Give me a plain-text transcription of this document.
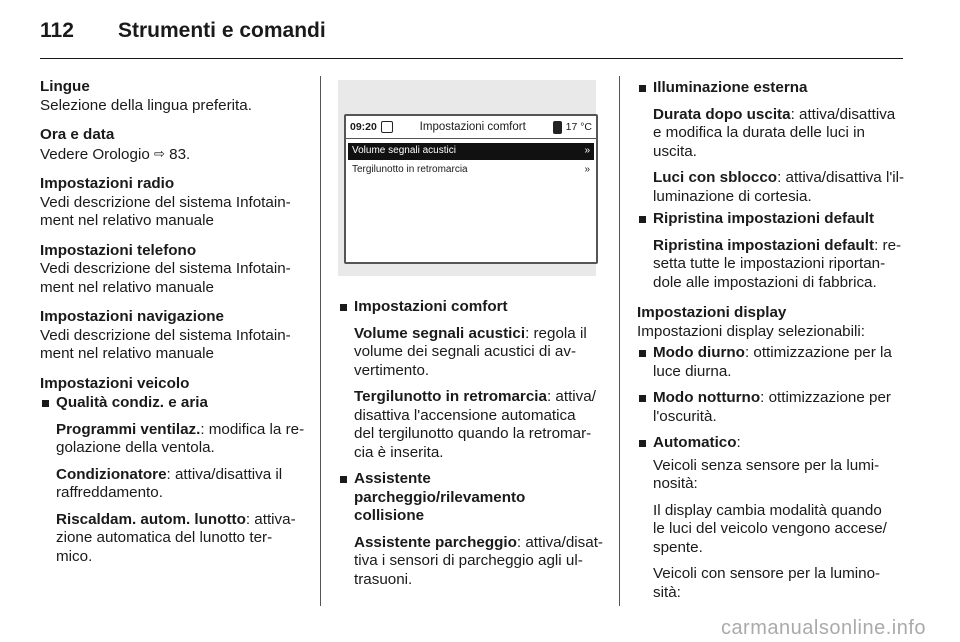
112	Strumenti e comandi
Lingue
Selezione della lingua preferita.
Ora e data
Vedere Orologio ⇨ 83.
Impostazioni radio
Vedi descrizione del sistema Infotain-
ment nel relativo manuale
Impostazioni telefono
Vedi descrizione del sistema Infotain-
ment nel relativo manuale
Impostazioni navigazione
Vedi descrizione del sistema Infotain-
ment nel relativo manuale
Impostazioni veicolo
Qualità condiz. e aria

Programmi ventilaz.: modifica la re-
golazione della ventola.

Condizionatore: attiva/disattiva il
raffreddamento.

Riscaldam. autom. lunotto: attiva-
zione automatica del lunotto ter-
mico.

09:20	Impostazioni comfort	17 °C
Volume segnali acustici	»
Tergilunotto in retromarcia	»
Impostazioni comfort

Volume segnali acustici: regola il
volume dei segnali acustici di av-
vertimento.

Tergilunotto in retromarcia: attiva/
disattiva l'accensione automatica
del tergilunotto quando la retromar-
cia è inserita.

Assistente parcheggio/rilevamento
collisione

Assistente parcheggio: attiva/disat-
tiva i sensori di parcheggio agli ul-
trasuoni.

Illuminazione esterna

Durata dopo uscita: attiva/disattiva
e modifica la durata delle luci in
uscita.

Luci con sblocco: attiva/disattiva l'il-
luminazione di cortesia.

Ripristina impostazioni default

Ripristina impostazioni default: re-
setta tutte le impostazioni riportan-
dole alle impostazioni di fabbrica.

Impostazioni display
Impostazioni display selezionabili:
Modo diurno: ottimizzazione per la
luce diurna.
Modo notturno: ottimizzazione per
l'oscurità.
Automatico:

Veicoli senza sensore per la lumi-
nosità:

Il display cambia modalità quando
le luci del veicolo vengono accese/
spente.

Veicoli con sensore per la lumino-
sità:

carmanualsonline.info
